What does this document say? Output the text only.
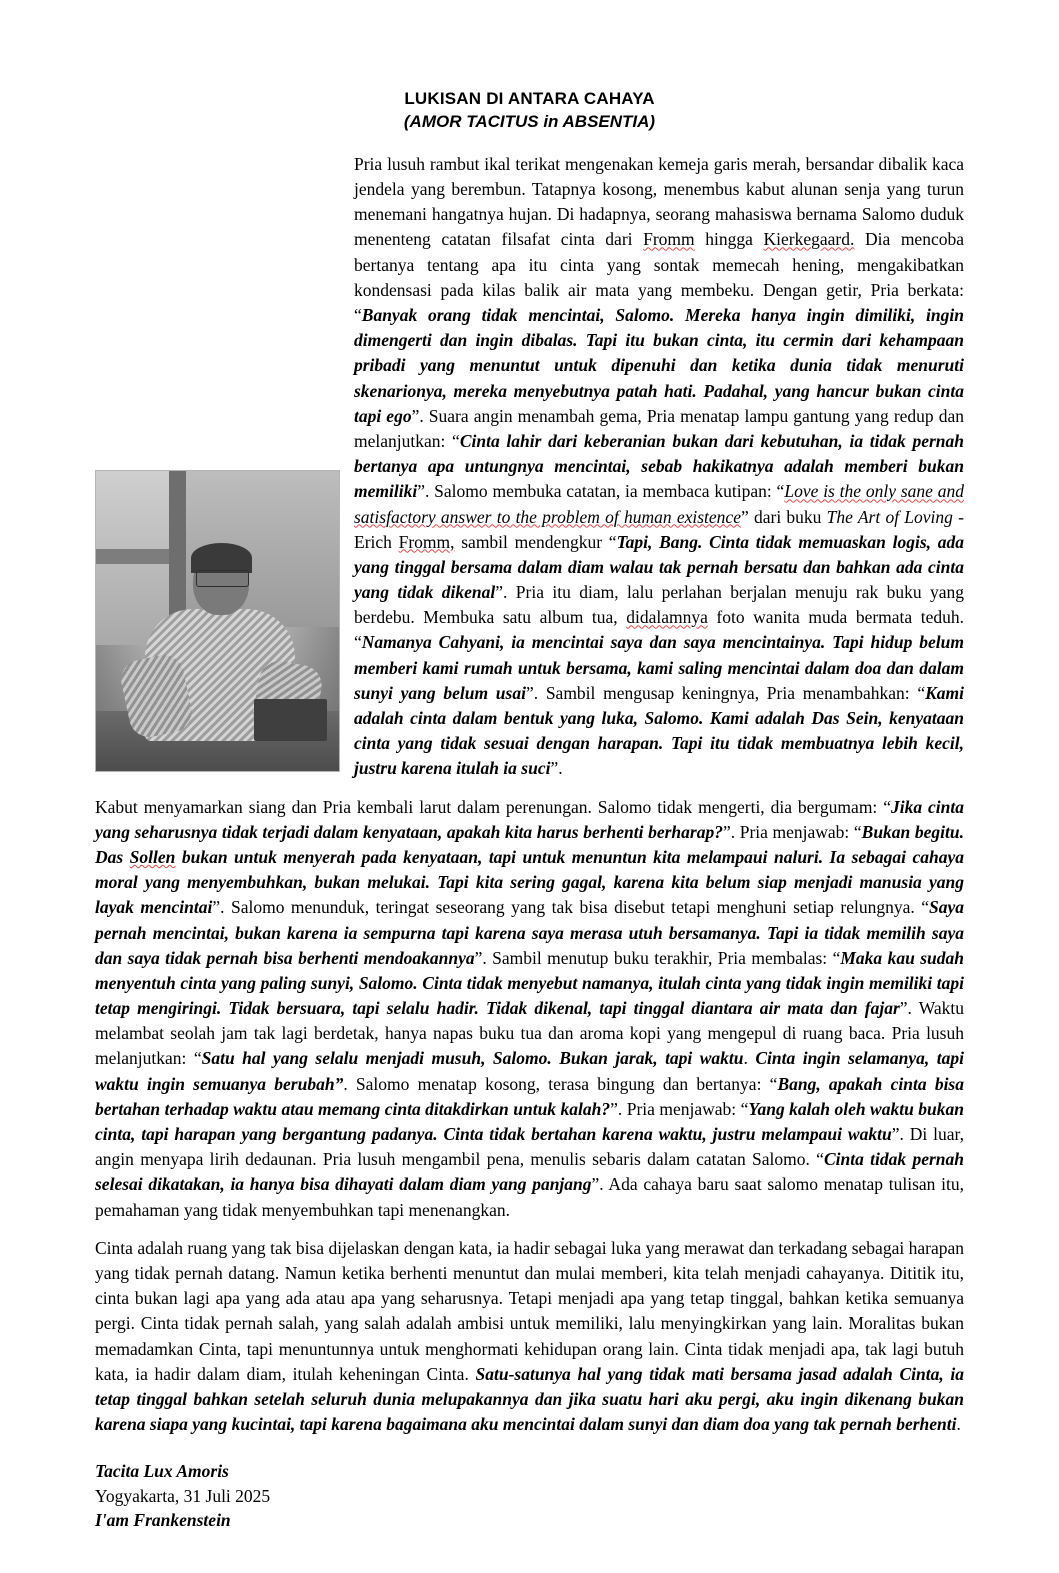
LUKISAN DI ANTARA CAHAYA
(AMOR TACITUS in ABSENTIA)

Pria lusuh rambut ikal terikat mengenakan kemeja garis merah, bersandar dibalik kaca jendela yang berembun. Tatapnya kosong, menembus kabut alunan senja yang turun menemani hangatnya hujan. Di hadapnya, seorang mahasiswa bernama Salomo duduk menenteng catatan filsafat cinta dari Fromm hingga Kierkegaard. Dia mencoba bertanya tentang apa itu cinta yang sontak memecah hening, mengakibatkan kondensasi pada kilas balik air mata yang membeku. Dengan getir, Pria berkata: “Banyak orang tidak mencintai, Salomo. Mereka hanya ingin dimiliki, ingin dimengerti dan ingin dibalas. Tapi itu bukan cinta, itu cermin dari kehampaan pribadi yang menuntut untuk dipenuhi dan ketika dunia tidak menuruti skenarionya, mereka menyebutnya patah hati. Padahal, yang hancur bukan cinta tapi ego”. Suara angin menambah gema, Pria menatap lampu gantung yang redup dan melanjutkan: “Cinta lahir dari keberanian bukan dari kebutuhan, ia tidak pernah bertanya apa untungnya mencintai, sebab hakikatnya adalah memberi bukan memiliki”. Salomo membuka catatan, ia membaca kutipan: “Love is the only sane and satisfactory answer to the problem of human existence” dari buku The Art of Loving -Erich Fromm, sambil mendengkur “Tapi, Bang. Cinta tidak memuaskan logis, ada yang tinggal bersama dalam diam walau tak pernah bersatu dan bahkan ada cinta yang tidak dikenal”. Pria itu diam, lalu perlahan berjalan menuju rak buku yang berdebu. Membuka satu album tua, didalamnya foto wanita muda bermata teduh. “Namanya Cahyani, ia mencintai saya dan saya mencintainya. Tapi hidup belum memberi kami rumah untuk bersama, kami saling mencintai dalam doa dan dalam sunyi yang belum usai”. Sambil mengusap keningnya, Pria menambahkan: “Kami adalah cinta dalam bentuk yang luka, Salomo. Kami adalah Das Sein, kenyataan cinta yang tidak sesuai dengan harapan. Tapi itu tidak membuatnya lebih kecil, justru karena itulah ia suci”.

Kabut menyamarkan siang dan Pria kembali larut dalam perenungan. Salomo tidak mengerti, dia bergumam: “Jika cinta yang seharusnya tidak terjadi dalam kenyataan, apakah kita harus berhenti berharap?”. Pria menjawab: “Bukan begitu. Das Sollen bukan untuk menyerah pada kenyataan, tapi untuk menuntun kita melampaui naluri. Ia sebagai cahaya moral yang menyembuhkan, bukan melukai. Tapi kita sering gagal, karena kita belum siap menjadi manusia yang layak mencintai”. Salomo menunduk, teringat seseorang yang tak bisa disebut tetapi menghuni setiap relungnya. “Saya pernah mencintai, bukan karena ia sempurna tapi karena saya merasa utuh bersamanya. Tapi ia tidak memilih saya dan saya tidak pernah bisa berhenti mendoakannya”. Sambil menutup buku terakhir, Pria membalas: “Maka kau sudah menyentuh cinta yang paling sunyi, Salomo. Cinta tidak menyebut namanya, itulah cinta yang tidak ingin memiliki tapi tetap mengiringi. Tidak bersuara, tapi selalu hadir. Tidak dikenal, tapi tinggal diantara air mata dan fajar”. Waktu melambat seolah jam tak lagi berdetak, hanya napas buku tua dan aroma kopi yang mengepul di ruang baca. Pria lusuh melanjutkan: “Satu hal yang selalu menjadi musuh, Salomo. Bukan jarak, tapi waktu. Cinta ingin selamanya, tapi waktu ingin semuanya berubah”. Salomo menatap kosong, terasa bingung dan bertanya: “Bang, apakah cinta bisa bertahan terhadap waktu atau memang cinta ditakdirkan untuk kalah?”. Pria menjawab: “Yang kalah oleh waktu bukan cinta, tapi harapan yang bergantung padanya. Cinta tidak bertahan karena waktu, justru melampaui waktu”. Di luar, angin menyapa lirih dedaunan. Pria lusuh mengambil pena, menulis sebaris dalam catatan Salomo. “Cinta tidak pernah selesai dikatakan, ia hanya bisa dihayati dalam diam yang panjang”. Ada cahaya baru saat salomo menatap tulisan itu, pemahaman yang tidak menyembuhkan tapi menenangkan.

Cinta adalah ruang yang tak bisa dijelaskan dengan kata, ia hadir sebagai luka yang merawat dan terkadang sebagai harapan yang tidak pernah datang. Namun ketika berhenti menuntut dan mulai memberi, kita telah menjadi cahayanya. Dititik itu, cinta bukan lagi apa yang ada atau apa yang seharusnya. Tetapi menjadi apa yang tetap tinggal, bahkan ketika semuanya pergi. Cinta tidak pernah salah, yang salah adalah ambisi untuk memiliki, lalu menyingkirkan yang lain. Moralitas bukan memadamkan Cinta, tapi menuntunnya untuk menghormati kehidupan orang lain. Cinta tidak menjadi apa, tak lagi butuh kata, ia hadir dalam diam, itulah keheningan Cinta. Satu-satunya hal yang tidak mati bersama jasad adalah Cinta, ia tetap tinggal bahkan setelah seluruh dunia melupakannya dan jika suatu hari aku pergi, aku ingin dikenang bukan karena siapa yang kucintai, tapi karena bagaimana aku mencintai dalam sunyi dan diam doa yang tak pernah berhenti.

Tacita Lux Amoris
Yogyakarta, 31 Juli 2025
I'am Frankenstein
